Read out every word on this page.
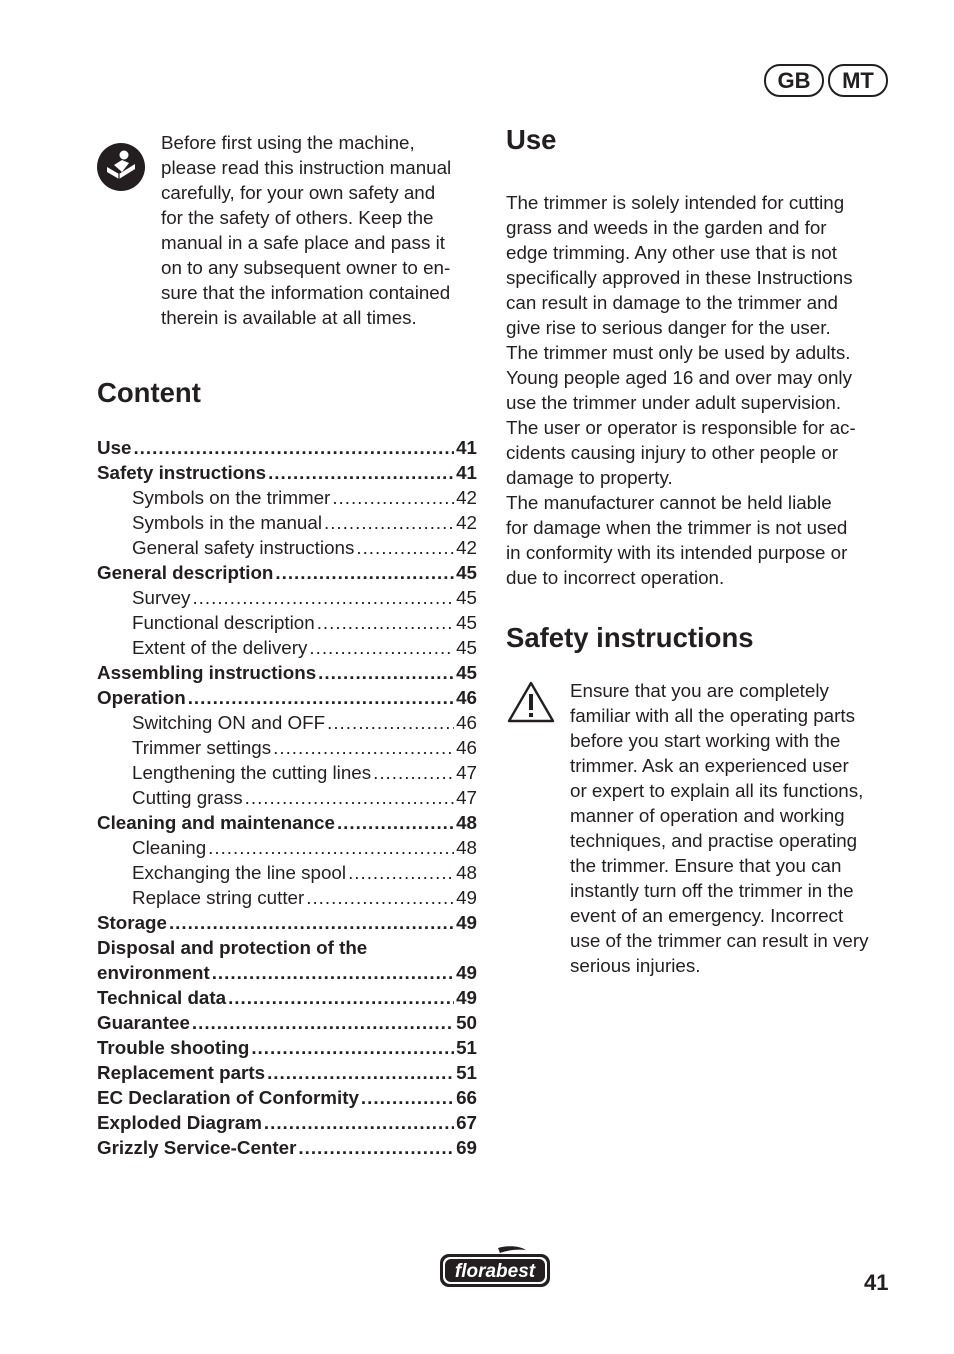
GB	MT
Before first using the machine,
please read this instruction manual
carefully, for your own safety and
for the safety of others. Keep the
manual in a safe place and pass it
on to any subsequent owner to en-
sure that the information contained
therein is available at all times.
Content
Use .....	41
Safety instructions .....	41
Symbols on the trimmer .....	42
Symbols in the manual .....	42
General safety instructions .....	42
General description .....	45
Survey .....	45
Functional description .....	45
Extent of the delivery .....	45
Assembling instructions .....	45
Operation .....	46
Switching ON and OFF .....	46
Trimmer settings .....	46
Lengthening the cutting lines .....	47
Cutting grass .....	47
Cleaning and maintenance .....	48
Cleaning .....	48
Exchanging the line spool .....	48
Replace string cutter .....	49
Storage .....	49
Disposal and protection of the
environment .....	49
Technical data .....	49
Guarantee .....	50
Trouble shooting .....	51
Replacement parts .....	51
EC Declaration of Conformity .....	66
Exploded Diagram .....	67
Grizzly Service-Center .....	69
Use
The trimmer is solely intended for cutting
grass and weeds in the garden and for
edge trimming. Any other use that is not
specifically approved in these Instructions
can result in damage to the trimmer and
give rise to serious danger for the user.
The trimmer must only be used by adults.
Young people aged 16 and over may only
use the trimmer under adult supervision.
The user or operator is responsible for ac-
cidents causing injury to other people or
damage to property.
The manufacturer cannot be held liable
for damage when the trimmer is not used
in conformity with its intended purpose or
due to incorrect operation.
Safety instructions
Ensure that you are completely
familiar with all the operating parts
before you start working with the
trimmer. Ask an experienced user
or expert to explain all its functions,
manner of operation and working
techniques, and practise operating
the trimmer. Ensure that you can
instantly turn off the trimmer in the
event of an emergency. Incorrect
use of the trimmer can result in very
serious injuries.
florabest	41
